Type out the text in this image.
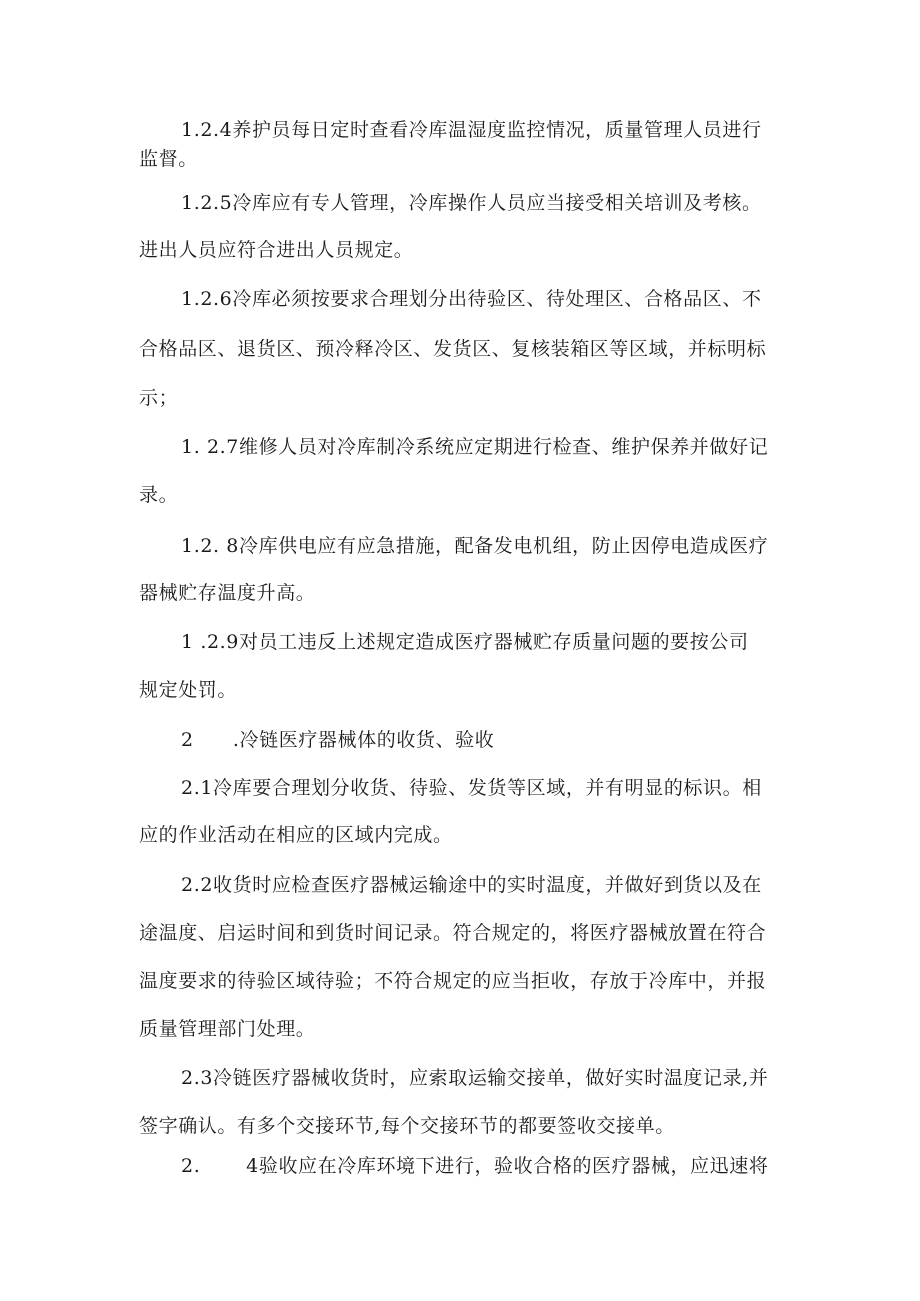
1.2.4养护员每日定时查看冷库温湿度监控情况，质量管理人员进行
监督。
1.2.5冷库应有专人管理，冷库操作人员应当接受相关培训及考核。
进出人员应符合进出人员规定。
1.2.6冷库必须按要求合理划分出待验区、待处理区、合格品区、不
合格品区、退货区、预冷释冷区、发货区、复核装箱区等区域，并标明标
示；
1. 2.7维修人员对冷库制冷系统应定期进行检查、维护保养并做好记
录。
1.2. 8冷库供电应有应急措施，配备发电机组，防止因停电造成医疗
器械贮存温度升高。
1 .2.9对员工违反上述规定造成医疗器械贮存质量问题的要按公司
规定处罚。
2　　.冷链医疗器械体的收货、验收
2.1冷库要合理划分收货、待验、发货等区域，并有明显的标识。相
应的作业活动在相应的区域内完成。
2.2收货时应检查医疗器械运输途中的实时温度，并做好到货以及在
途温度、启运时间和到货时间记录。符合规定的，将医疗器械放置在符合
温度要求的待验区域待验；不符合规定的应当拒收，存放于冷库中，并报
质量管理部门处理。
2.3冷链医疗器械收货时，应索取运输交接单，做好实时温度记录,并
签字确认。有多个交接环节,每个交接环节的都要签收交接单。
2.　　 4验收应在冷库环境下进行，验收合格的医疗器械，应迅速将
